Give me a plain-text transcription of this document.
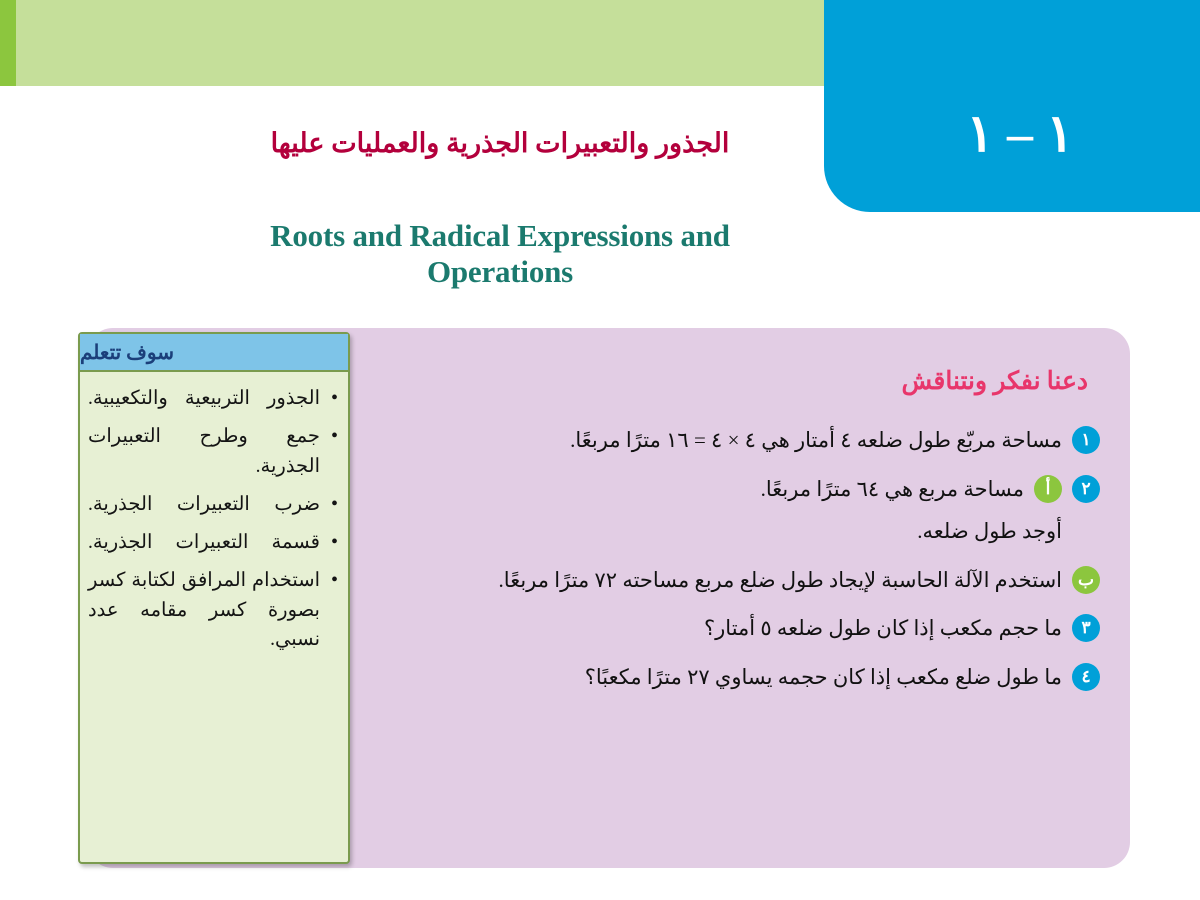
١ – ١
الجذور والتعبيرات الجذرية والعمليات عليها
Roots and Radical Expressions and Operations
سوف تتعلم
• الجذور التربيعية والتكعيبية.
• جمع وطرح التعبيرات الجذرية.
• ضرب التعبيرات الجذرية.
• قسمة التعبيرات الجذرية.
• استخدام المرافق لكتابة كسر بصورة كسر مقامه عدد نسبي.
دعنا نفكر ونتناقش
١
مساحة مربّع طول ضلعه ٤ أمتار هي ٤ × ٤ = ١٦ مترًا مربعًا.
٢
أ
مساحة مربع هي ٦٤ مترًا مربعًا.
أوجد طول ضلعه.
ب
استخدم الآلة الحاسبة لإيجاد طول ضلع مربع مساحته ٧٢ مترًا مربعًا.
٣
ما حجم مكعب إذا كان طول ضلعه ٥ أمتار؟
٤
ما طول ضلع مكعب إذا كان حجمه يساوي ٢٧ مترًا مكعبًا؟
